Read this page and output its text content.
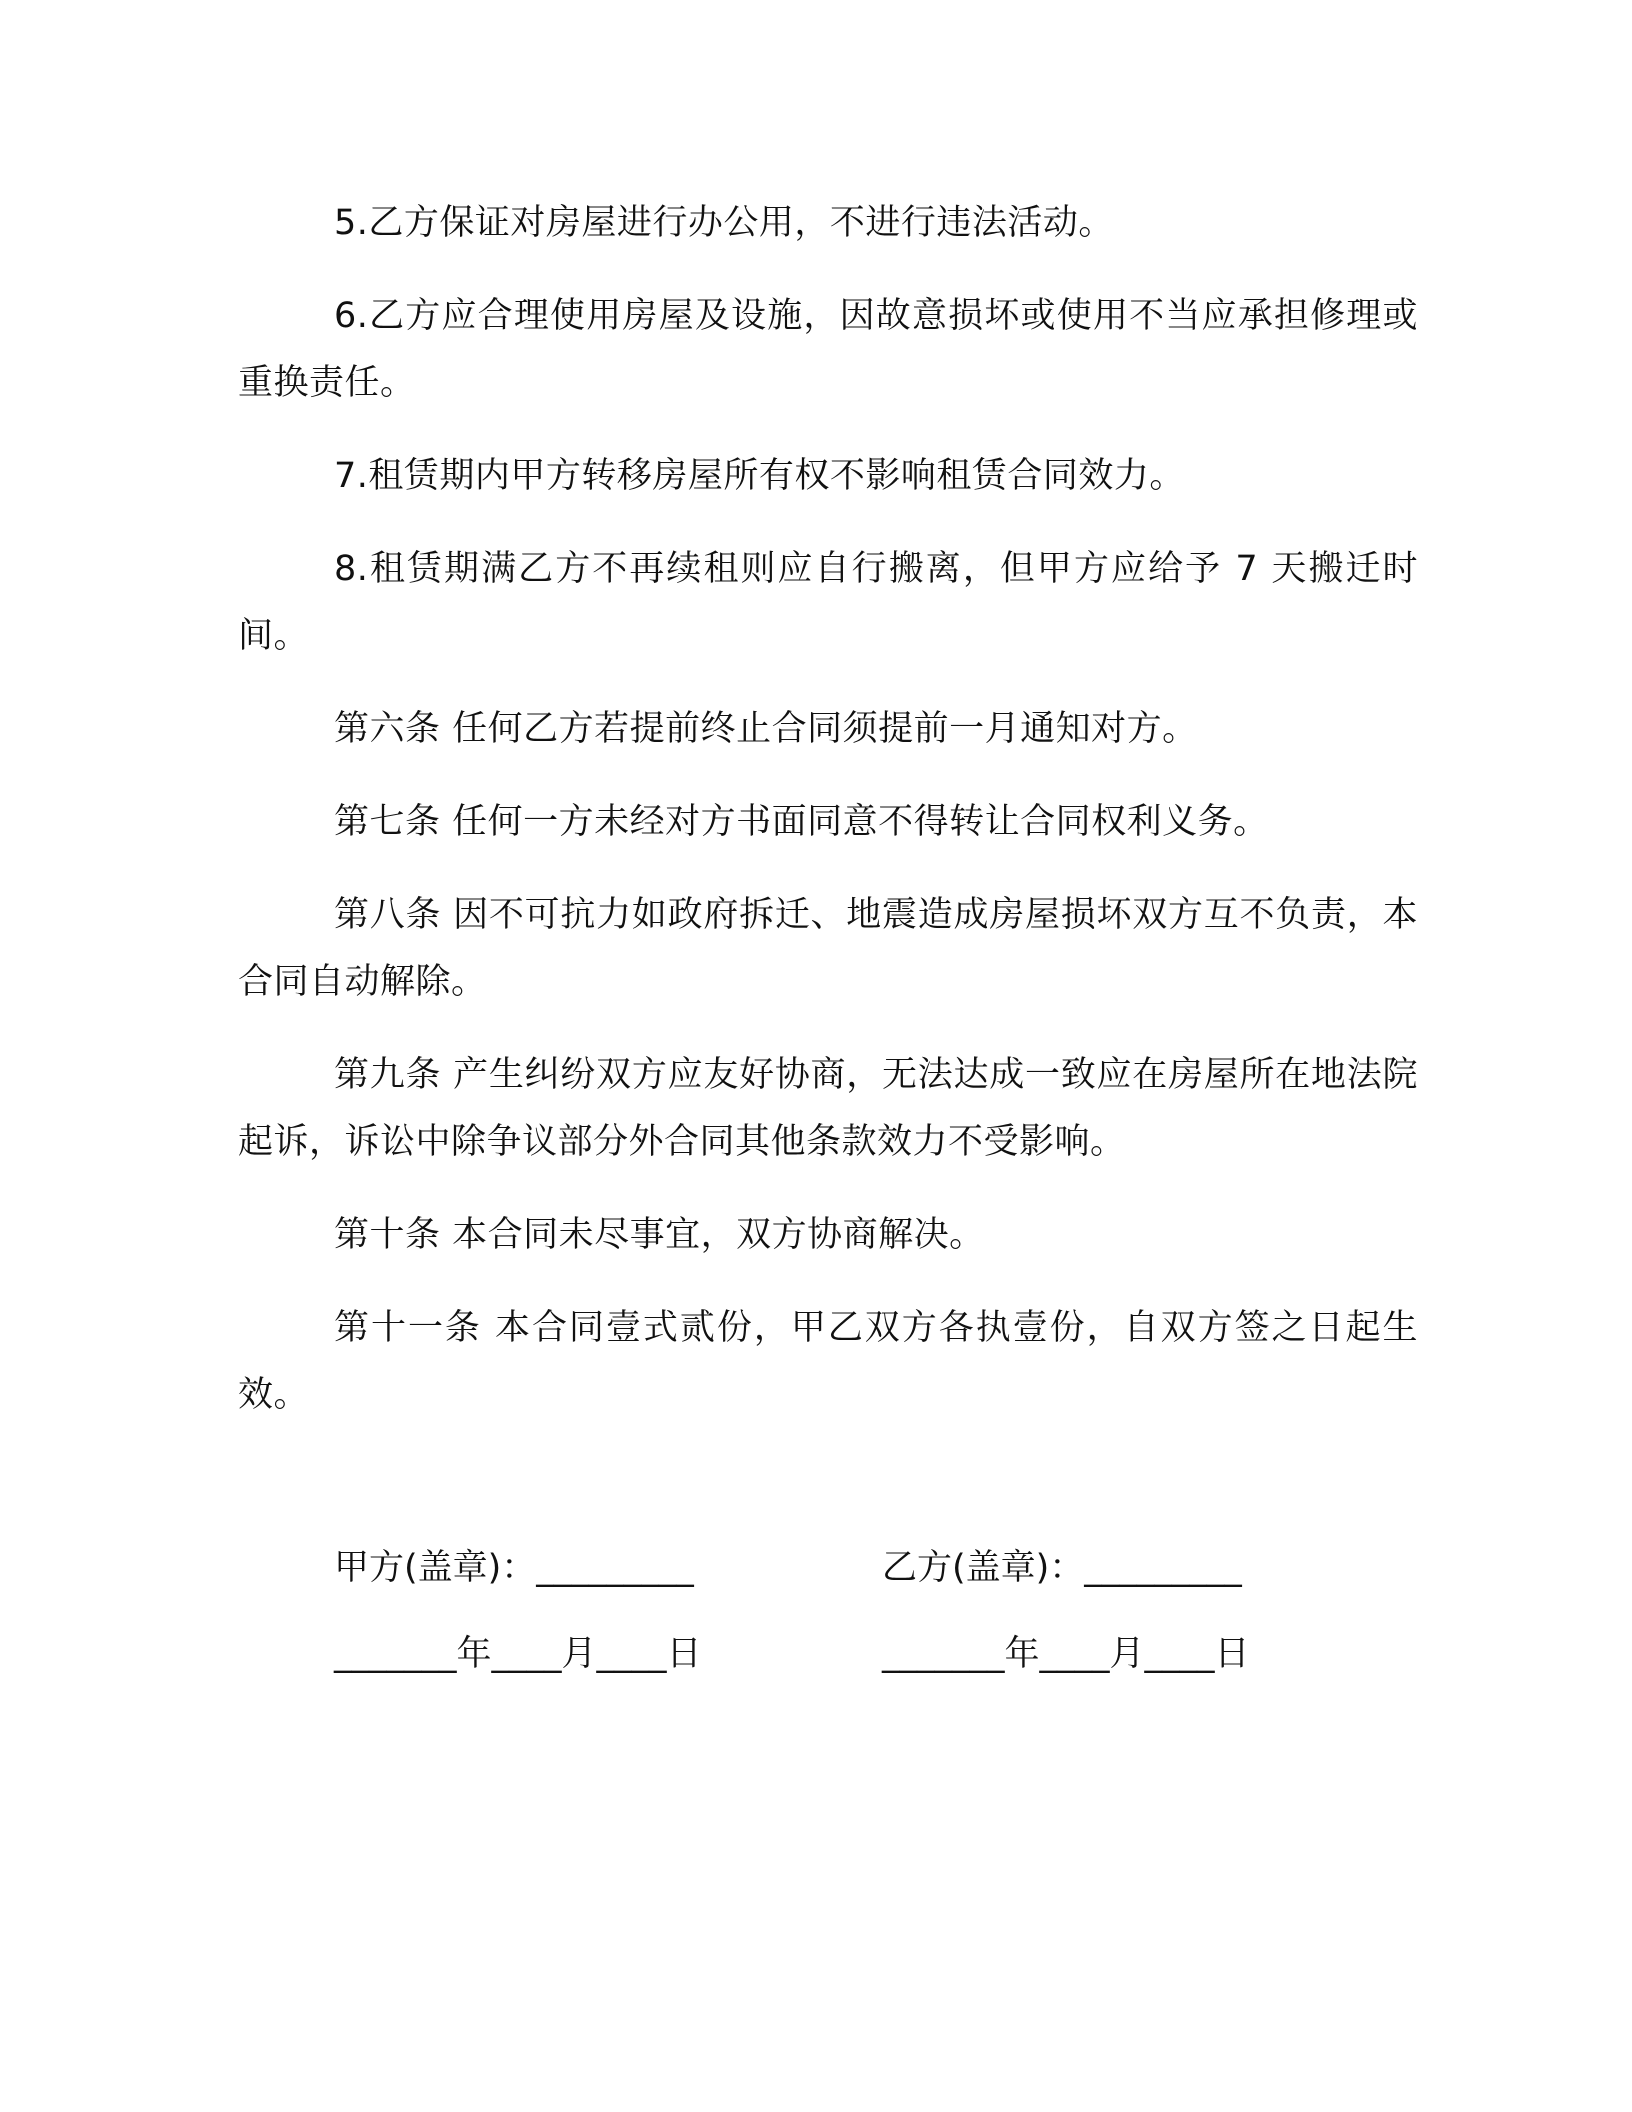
5.乙方保证对房屋进行办公用，不进行违法活动。

6.乙方应合理使用房屋及设施，因故意损坏或使用不当应承担修理或重换责任。

7.租赁期内甲方转移房屋所有权不影响租赁合同效力。

8.租赁期满乙方不再续租则应自行搬离，但甲方应给予 7 天搬迁时间。

第六条 任何乙方若提前终止合同须提前一月通知对方。

第七条 任何一方未经对方书面同意不得转让合同权利义务。

第八条 因不可抗力如政府拆迁、地震造成房屋损坏双方互不负责，本合同自动解除。

第九条 产生纠纷双方应友好协商，无法达成一致应在房屋所在地法院起诉，诉讼中除争议部分外合同其他条款效力不受影响。

第十条 本合同未尽事宜，双方协商解决。

第十一条 本合同壹式贰份，甲乙双方各执壹份，自双方签之日起生效。

甲方(盖章)：_________	乙方(盖章)：_________
_______年____月____日	_______年____月____日
